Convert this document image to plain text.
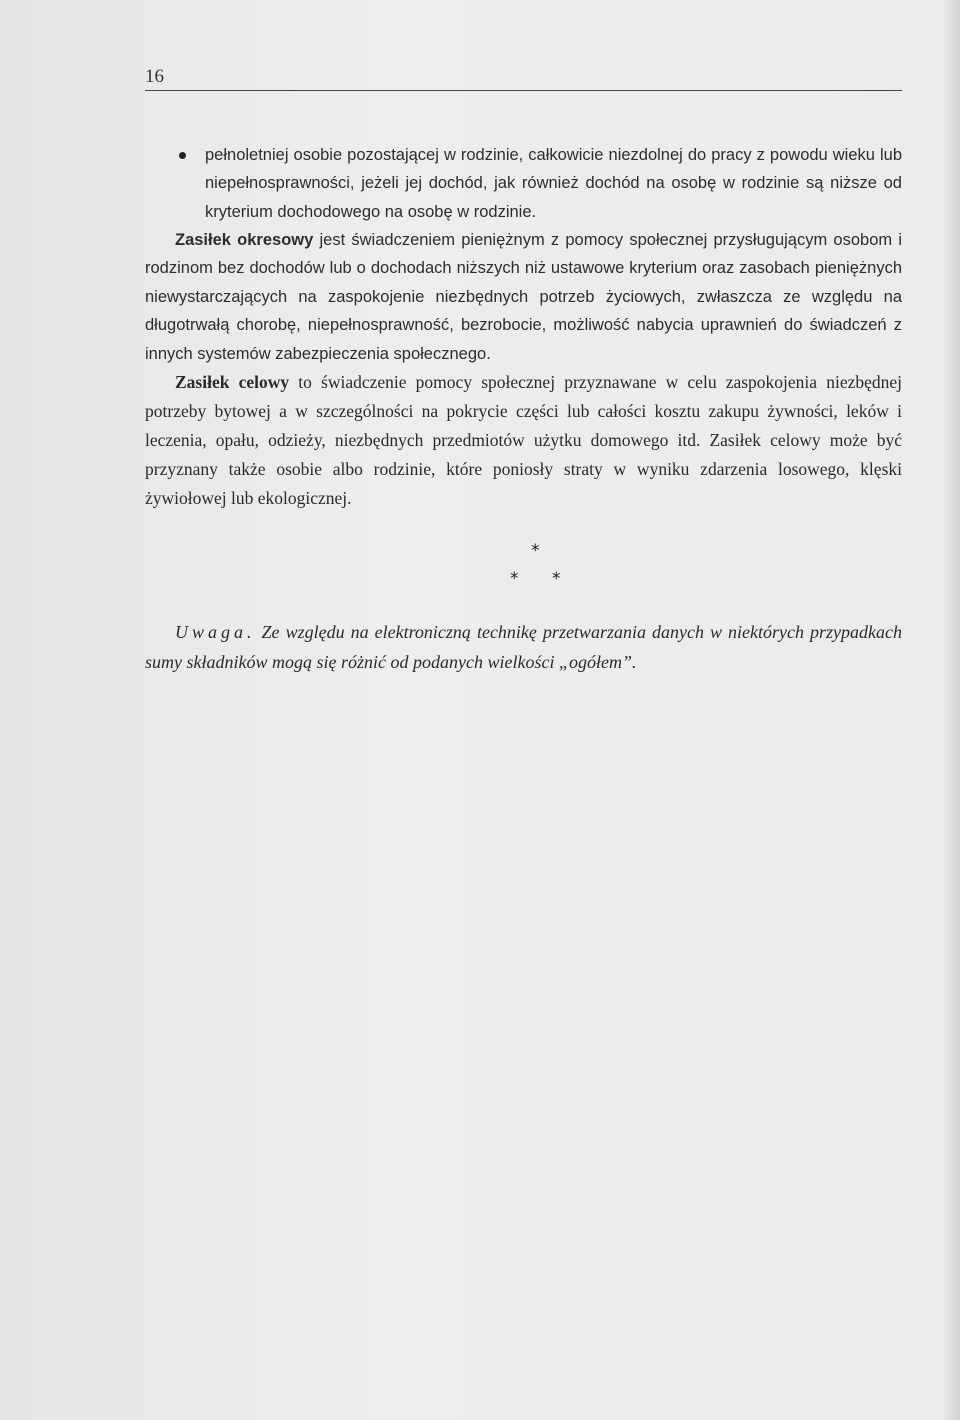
16
pełnoletniej osobie pozostającej w rodzinie, całkowicie niezdolnej do pracy z powodu wieku lub niepełnosprawności, jeżeli jej dochód, jak również dochód na osobę w rodzinie są niższe od kryterium dochodowego na osobę w rodzinie.

Zasiłek okresowy jest świadczeniem pieniężnym z pomocy społecznej przysługującym osobom i rodzinom bez dochodów lub o dochodach niższych niż ustawowe kryterium oraz zasobach pieniężnych niewystarczających na zaspokojenie niezbędnych potrzeb życiowych, zwłaszcza ze względu na długotrwałą chorobę, niepełnosprawność, bezrobocie, możliwość nabycia uprawnień do świadczeń z innych systemów zabezpieczenia społecznego.

Zasiłek celowy to świadczenie pomocy społecznej przyznawane w celu zaspokojenia niezbędnej potrzeby bytowej a w szczególności na pokrycie części lub całości kosztu zakupu żywności, leków i leczenia, opału, odzieży, niezbędnych przedmiotów użytku domowego itd. Zasiłek celowy może być przyznany także osobie albo rodzinie, które poniosły straty w wyniku zdarzenia losowego, klęski żywiołowej lub ekologicznej.

*
* *

Uwaga. Ze względu na elektroniczną technikę przetwarzania danych w niektórych przypadkach sumy składników mogą się różnić od podanych wielkości „ogółem”.
